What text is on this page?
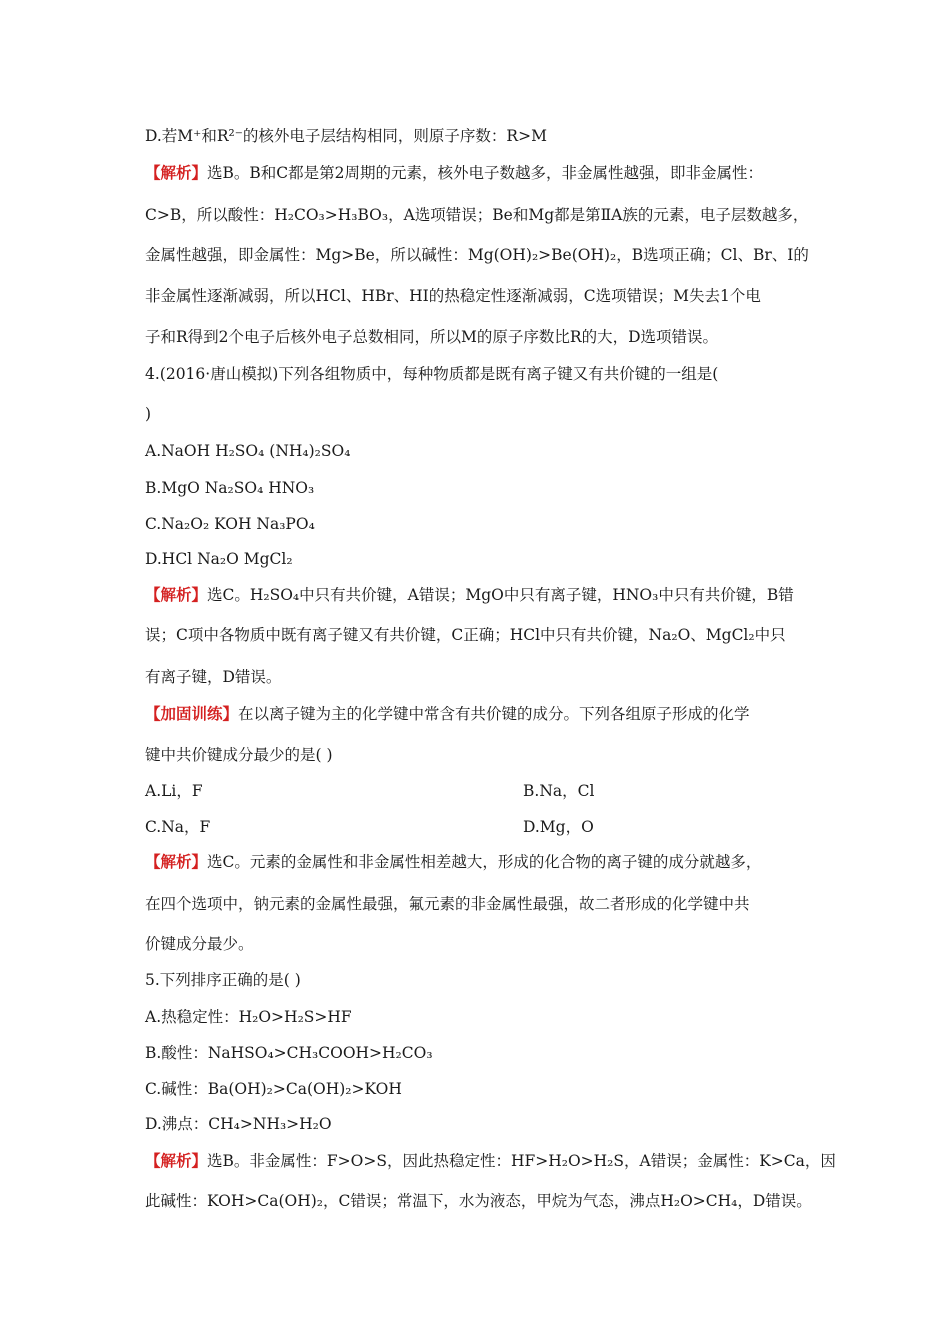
D.若M⁺和R²⁻的核外电子层结构相同，则原子序数：R>M
【解析】选B。B和C都是第2周期的元素，核外电子数越多，非金属性越强，即非金属性：
C>B，所以酸性：H₂CO₃>H₃BO₃，A选项错误；Be和Mg都是第ⅡA族的元素，电子层数越多，
金属性越强，即金属性：Mg>Be，所以碱性：Mg(OH)₂>Be(OH)₂，B选项正确；Cl、Br、I的
非金属性逐渐减弱，所以HCl、HBr、HI的热稳定性逐渐减弱，C选项错误；M失去1个电
子和R得到2个电子后核外电子总数相同，所以M的原子序数比R的大，D选项错误。
4.(2016·唐山模拟)下列各组物质中，每种物质都是既有离子键又有共价键的一组是(
)
A.NaOH H₂SO₄ (NH₄)₂SO₄
B.MgO Na₂SO₄ HNO₃
C.Na₂O₂ KOH Na₃PO₄
D.HCl Na₂O MgCl₂
【解析】选C。H₂SO₄中只有共价键，A错误；MgO中只有离子键，HNO₃中只有共价键，B错
误；C项中各物质中既有离子键又有共价键，C正确；HCl中只有共价键，Na₂O、MgCl₂中只
有离子键，D错误。
【加固训练】在以离子键为主的化学键中常含有共价键的成分。下列各组原子形成的化学
键中共价键成分最少的是( )
A.Li，F	B.Na，Cl
C.Na，F	D.Mg，O
【解析】选C。元素的金属性和非金属性相差越大，形成的化合物的离子键的成分就越多，
在四个选项中，钠元素的金属性最强，氟元素的非金属性最强，故二者形成的化学键中共
价键成分最少。
5.下列排序正确的是( )
A.热稳定性：H₂O>H₂S>HF
B.酸性：NaHSO₄>CH₃COOH>H₂CO₃
C.碱性：Ba(OH)₂>Ca(OH)₂>KOH
D.沸点：CH₄>NH₃>H₂O
【解析】选B。非金属性：F>O>S，因此热稳定性：HF>H₂O>H₂S，A错误；金属性：K>Ca，因
此碱性：KOH>Ca(OH)₂，C错误；常温下，水为液态，甲烷为气态，沸点H₂O>CH₄，D错误。
